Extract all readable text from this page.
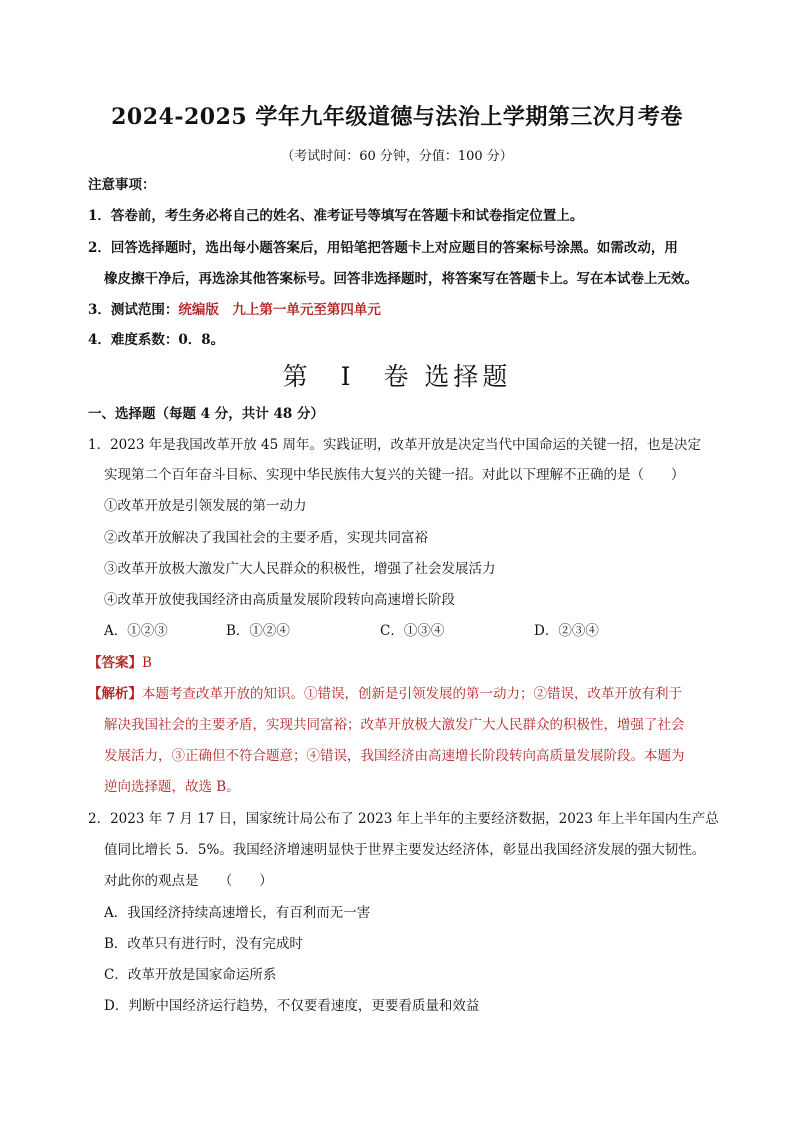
2024-2025 学年九年级道德与法治上学期第三次月考卷
（考试时间：60 分钟，分值：100 分）
注意事项：
1．答卷前，考生务必将自己的姓名、准考证号等填写在答题卡和试卷指定位置上。
2．回答选择题时，选出每小题答案后，用铅笔把答题卡上对应题目的答案标号涂黑。如需改动，用
橡皮擦干净后，再选涂其他答案标号。回答非选择题时，将答案写在答题卡上。写在本试卷上无效。
3．测试范围：统编版　九上第一单元至第四单元
4．难度系数：0．8。
第　I　卷 选择题
一、选择题（每题 4 分，共计 48 分）
1．2023 年是我国改革开放 45 周年。实践证明，改革开放是决定当代中国命运的关键一招，也是决定
实现第二个百年奋斗目标、实现中华民族伟大复兴的关键一招。对此以下理解不正确的是（　　）
①改革开放是引领发展的第一动力
②改革开放解决了我国社会的主要矛盾，实现共同富裕
③改革开放极大激发广大人民群众的积极性，增强了社会发展活力
④改革开放使我国经济由高质量发展阶段转向高速增长阶段
A．①②③	B．①②④	C．①③④	D．②③④
【答案】B
【解析】本题考查改革开放的知识。①错误，创新是引领发展的第一动力；②错误，改革开放有利于
解决我国社会的主要矛盾，实现共同富裕；改革开放极大激发广大人民群众的积极性，增强了社会
发展活力，③正确但不符合题意；④错误，我国经济由高速增长阶段转向高质量发展阶段。本题为
逆向选择题，故选 B。
2．2023 年 7 月 17 日，国家统计局公布了 2023 年上半年的主要经济数据，2023 年上半年国内生产总
值同比增长 5．5%。我国经济增速明显快于世界主要发达经济体，彰显出我国经济发展的强大韧性。
对此你的观点是　　（　　）
A．我国经济持续高速增长，有百利而无一害
B．改革只有进行时，没有完成时
C．改革开放是国家命运所系
D．判断中国经济运行趋势，不仅要看速度，更要看质量和效益
